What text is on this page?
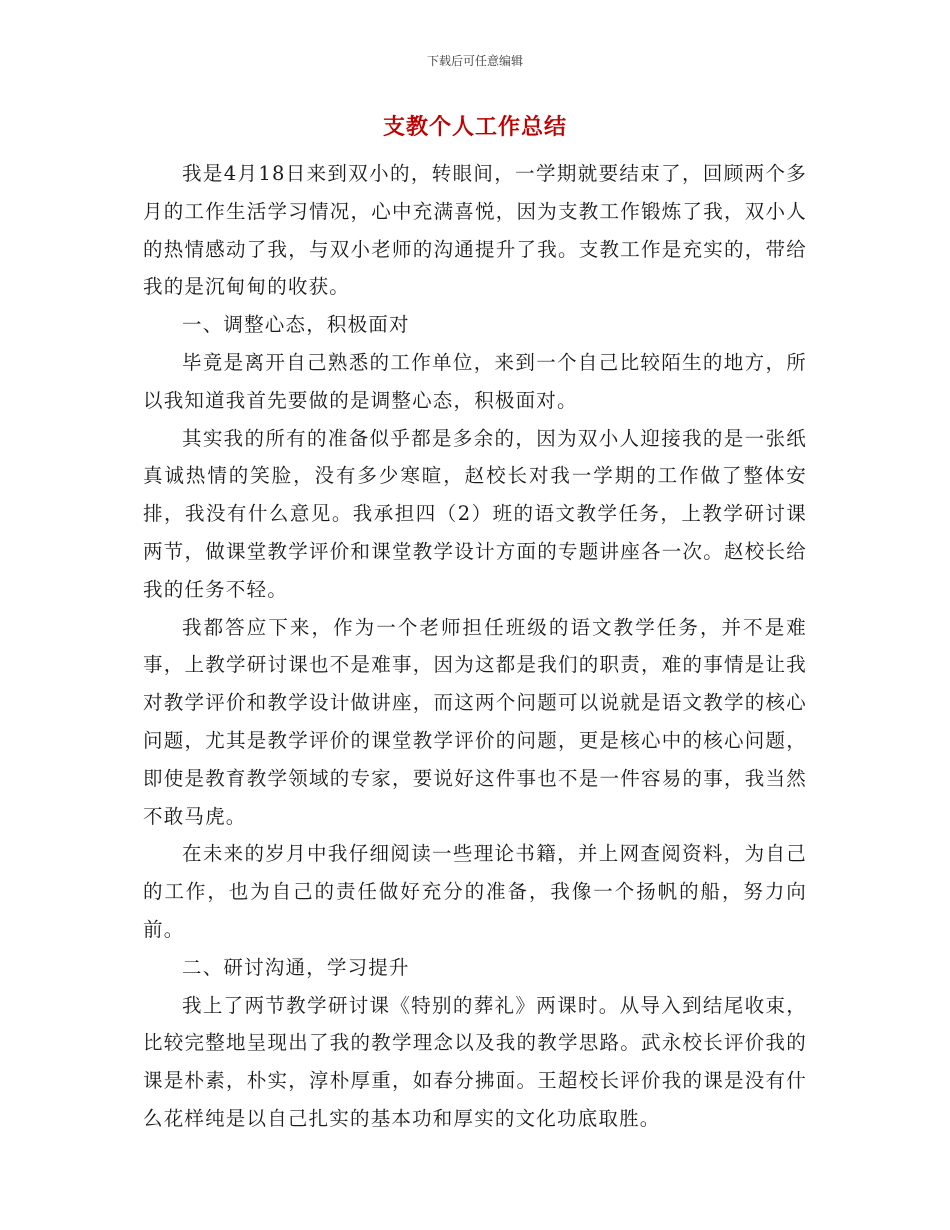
下载后可任意编辑
支教个人工作总结

我是4月18日来到双小的，转眼间，一学期就要结束了，回顾两个多月的工作生活学习情况，心中充满喜悦，因为支教工作锻炼了我，双小人的热情感动了我，与双小老师的沟通提升了我。支教工作是充实的，带给我的是沉甸甸的收获。

一、调整心态，积极面对

毕竟是离开自己熟悉的工作单位，来到一个自己比较陌生的地方，所以我知道我首先要做的是调整心态，积极面对。

其实我的所有的准备似乎都是多余的，因为双小人迎接我的是一张纸真诚热情的笑脸，没有多少寒暄，赵校长对我一学期的工作做了整体安排，我没有什么意见。我承担四（2）班的语文教学任务，上教学研讨课两节，做课堂教学评价和课堂教学设计方面的专题讲座各一次。赵校长给我的任务不轻。

我都答应下来，作为一个老师担任班级的语文教学任务，并不是难事，上教学研讨课也不是难事，因为这都是我们的职责，难的事情是让我对教学评价和教学设计做讲座，而这两个问题可以说就是语文教学的核心问题，尤其是教学评价的课堂教学评价的问题，更是核心中的核心问题，即使是教育教学领域的专家，要说好这件事也不是一件容易的事，我当然不敢马虎。

在未来的岁月中我仔细阅读一些理论书籍，并上网查阅资料，为自己的工作，也为自己的责任做好充分的准备，我像一个扬帆的船，努力向前。

二、研讨沟通，学习提升

我上了两节教学研讨课《特别的葬礼》两课时。从导入到结尾收束，比较完整地呈现出了我的教学理念以及我的教学思路。武永校长评价我的课是朴素，朴实，淳朴厚重，如春分拂面。王超校长评价我的课是没有什么花样纯是以自己扎实的基本功和厚实的文化功底取胜。
